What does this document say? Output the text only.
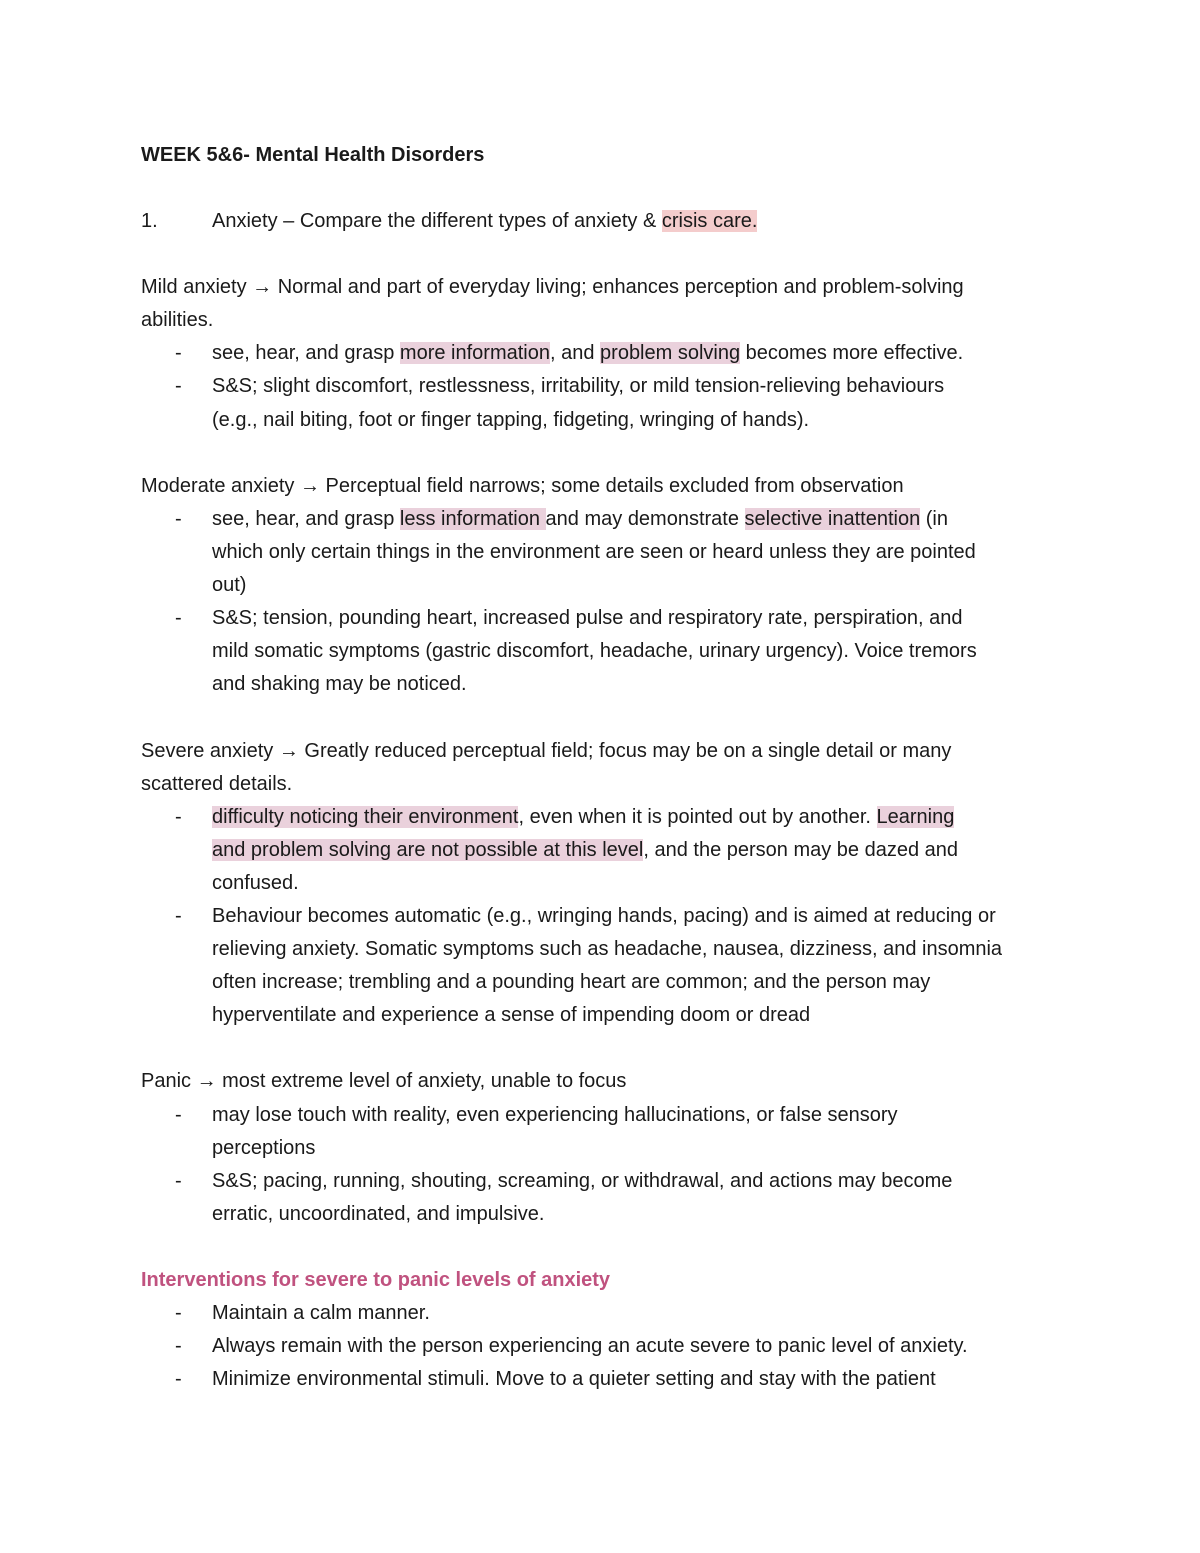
WEEK 5&6- Mental Health Disorders
1.	Anxiety – Compare the different types of anxiety & crisis care.
Mild anxiety → Normal and part of everyday living; enhances perception and problem-solving
abilities.
- see, hear, and grasp more information, and problem solving becomes more effective.
- S&S; slight discomfort, restlessness, irritability, or mild tension-relieving behaviours
(e.g., nail biting, foot or finger tapping, fidgeting, wringing of hands).
Moderate anxiety → Perceptual field narrows; some details excluded from observation
- see, hear, and grasp less information and may demonstrate selective inattention (in
which only certain things in the environment are seen or heard unless they are pointed
out)
- S&S; tension, pounding heart, increased pulse and respiratory rate, perspiration, and
mild somatic symptoms (gastric discomfort, headache, urinary urgency). Voice tremors
and shaking may be noticed.
Severe anxiety → Greatly reduced perceptual field; focus may be on a single detail or many
scattered details.
- difficulty noticing their environment, even when it is pointed out by another. Learning
and problem solving are not possible at this level, and the person may be dazed and
confused.
- Behaviour becomes automatic (e.g., wringing hands, pacing) and is aimed at reducing or
relieving anxiety. Somatic symptoms such as headache, nausea, dizziness, and insomnia
often increase; trembling and a pounding heart are common; and the person may
hyperventilate and experience a sense of impending doom or dread
Panic → most extreme level of anxiety, unable to focus
- may lose touch with reality, even experiencing hallucinations, or false sensory
perceptions
- S&S; pacing, running, shouting, screaming, or withdrawal, and actions may become
erratic, uncoordinated, and impulsive.
Interventions for severe to panic levels of anxiety
- Maintain a calm manner.
- Always remain with the person experiencing an acute severe to panic level of anxiety.
- Minimize environmental stimuli. Move to a quieter setting and stay with the patient
